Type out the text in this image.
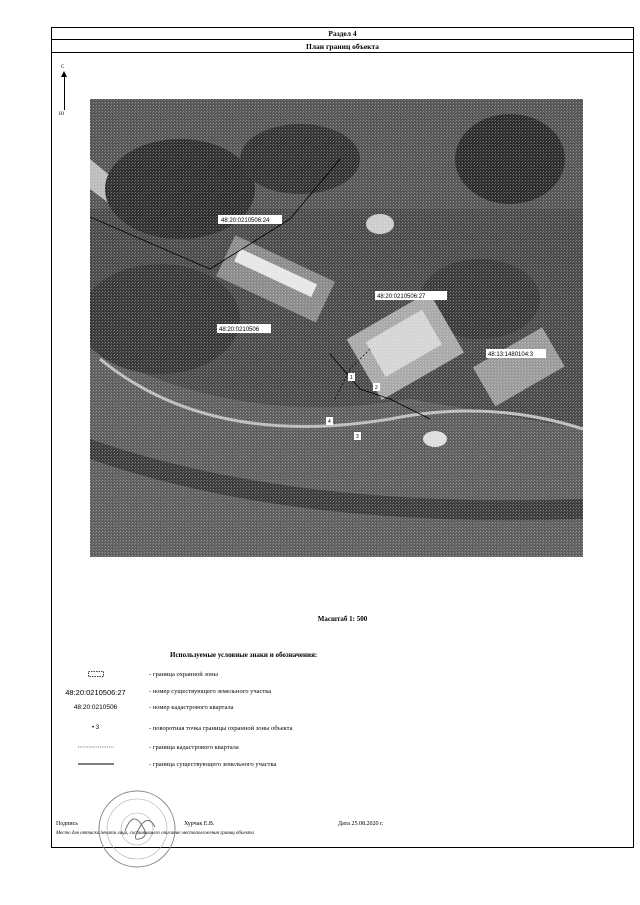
Раздел 4
План границ объекта
С
Ю
48:20:0210506:24
48:20:0210506:27
48:13:1480104:3
48:20:0210506
1
2
3
4
Масштаб 1: 500
Используемые условные знаки и обозначения:
- граница охранной зоны
48:20:0210506:27	- номер существующего земельного участка
48:20:0210506	- номер кадастрового квартала
• 3	- поворотная точка границы охранной зоны объекта
- граница кадастрового квартала
- граница существующего земельного участка
Подпись	Хурчак Е.В.	Дата 25.08.2020 г.
Место для оттиска печати лица, составившего описание местоположения границ объекта
